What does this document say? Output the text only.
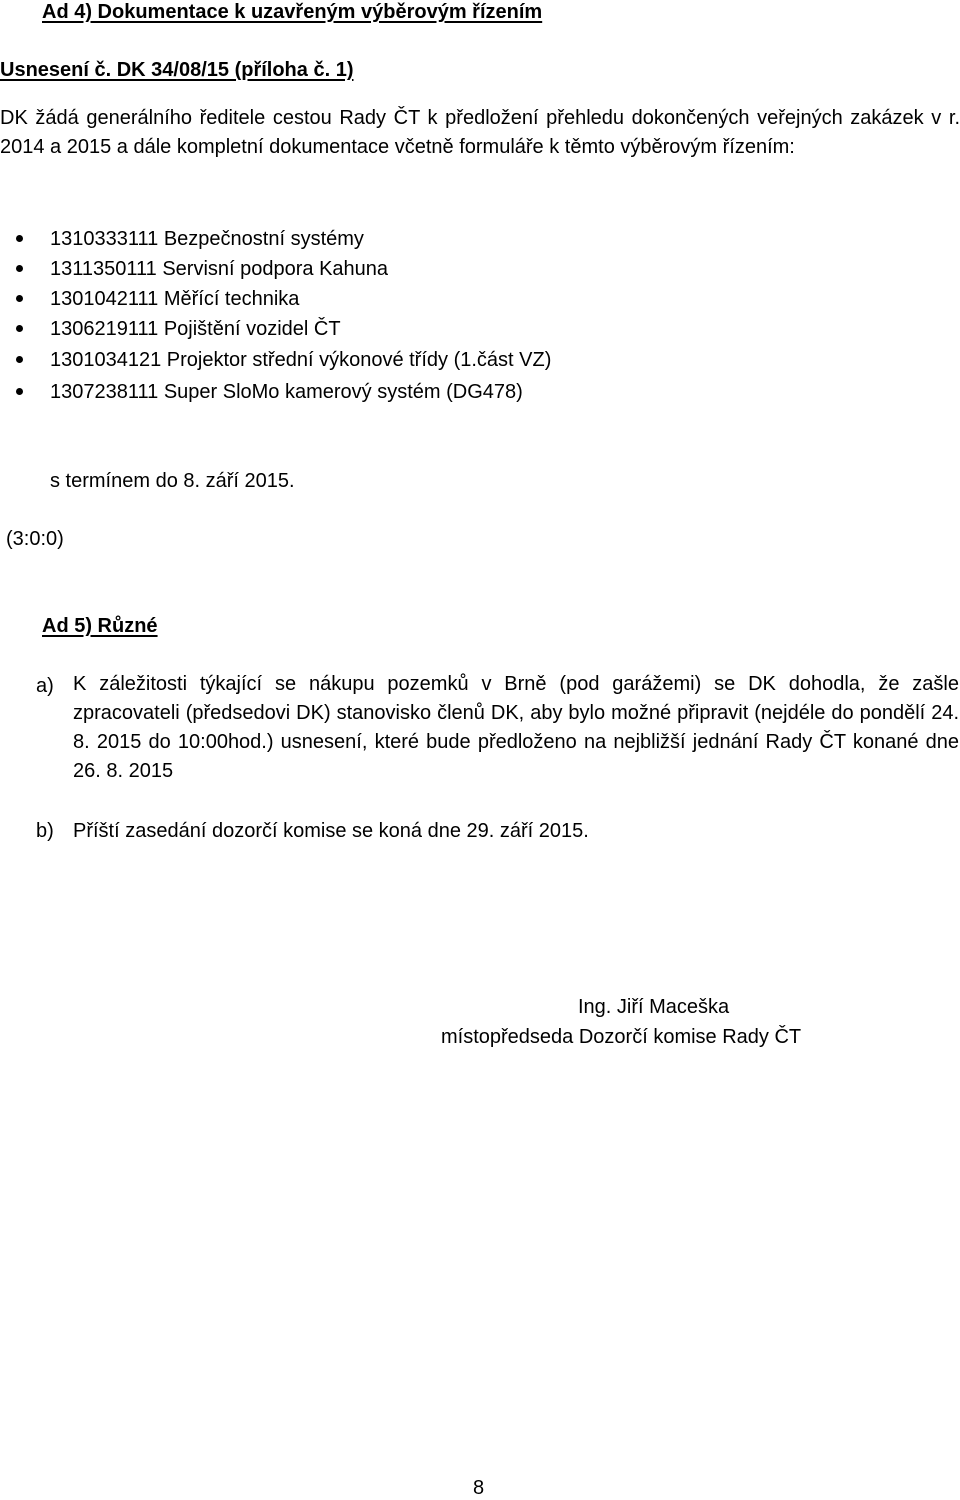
Ad 4) Dokumentace k uzavřeným výběrovým řízením
Usnesení č. DK 34/08/15 (příloha č. 1)
DK žádá generálního ředitele cestou Rady ČT k předložení přehledu dokončených veřejných zakázek v r. 2014 a 2015 a dále kompletní dokumentace včetně formuláře k těmto výběrovým řízením:
1310333111 Bezpečnostní systémy
1311350111 Servisní podpora Kahuna
1301042111 Měřící technika
1306219111 Pojištění vozidel ČT
1301034121 Projektor střední výkonové třídy (1.část VZ)
1307238111 Super SloMo kamerový systém (DG478)
s termínem do 8. září 2015.
(3:0:0)
Ad 5) Různé
a) K záležitosti týkající se nákupu pozemků v Brně (pod garážemi) se DK dohodla, že zašle zpracovateli (předsedovi DK) stanovisko členů DK, aby bylo možné připravit (nejdéle do pondělí 24. 8. 2015 do 10:00hod.) usnesení, které bude předloženo na nejbližší jednání Rady ČT konané dne 26. 8. 2015
b) Příští zasedání dozorčí komise se koná dne 29. září 2015.
Ing. Jiří Maceška
místopředseda Dozorčí komise Rady ČT
8
